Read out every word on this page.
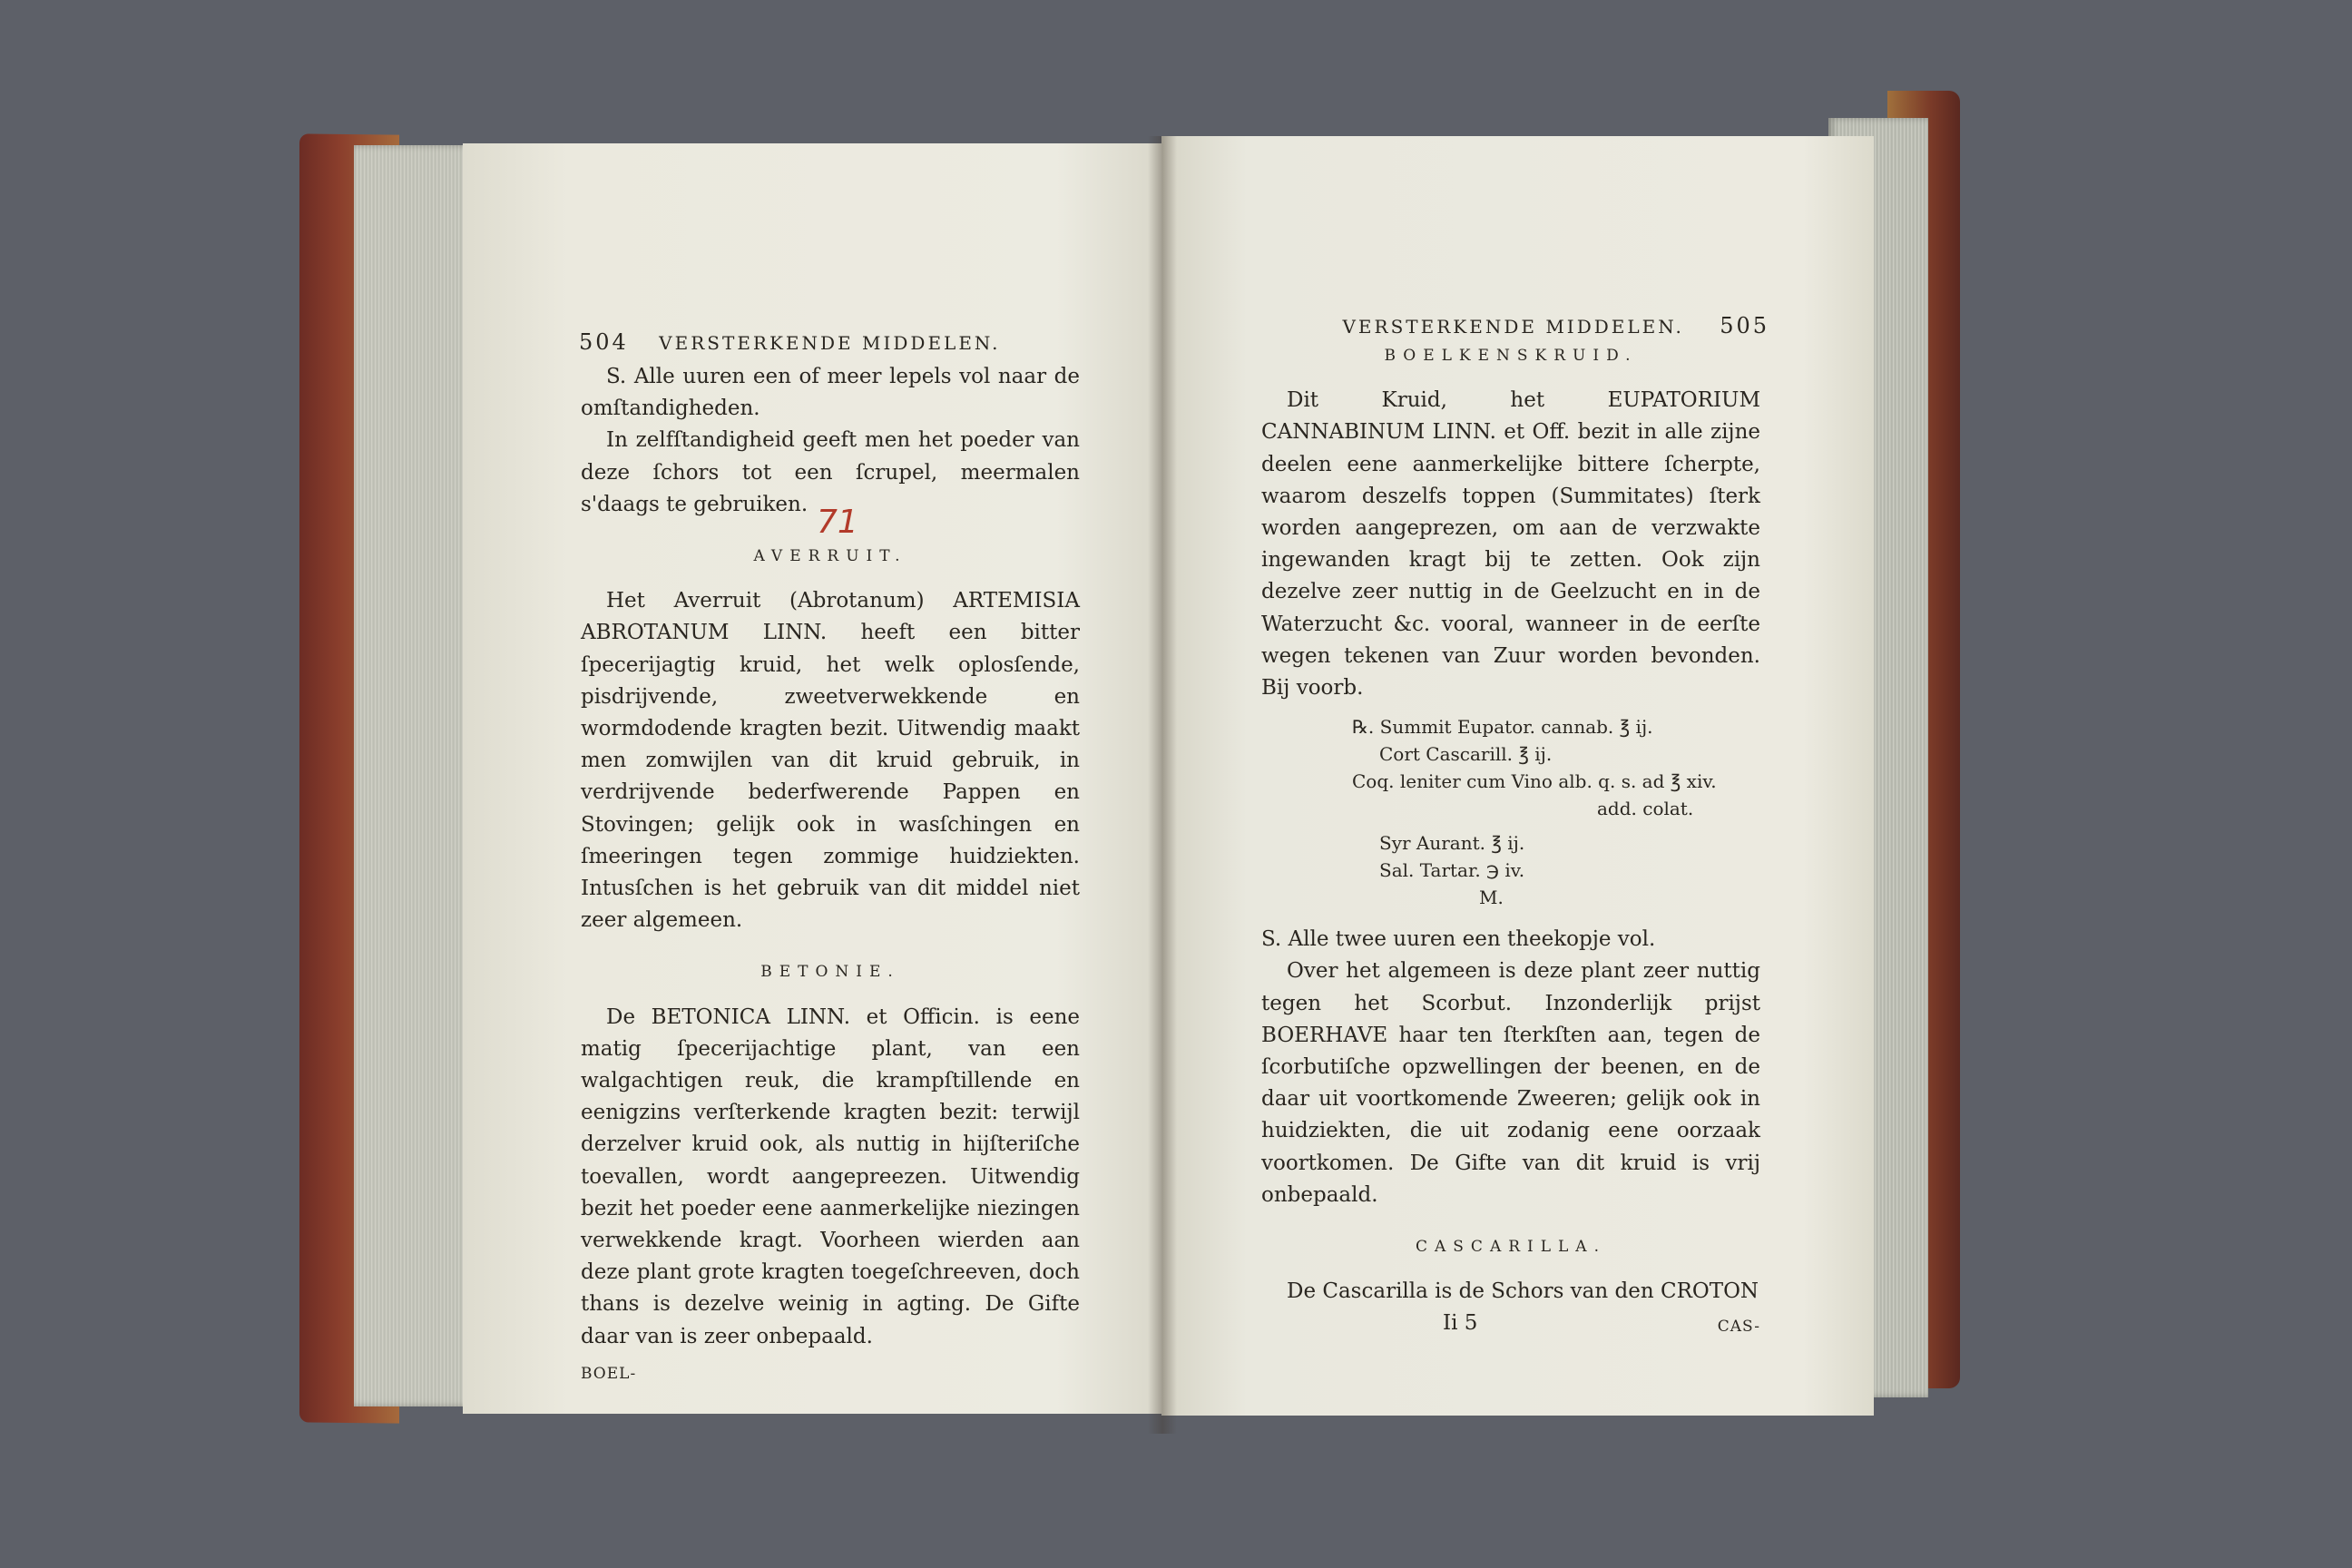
504 VERSTERKENDE MIDDELEN.

S. Alle uuren een of meer lepels vol naar de omſtandigheden.

In zelfſtandigheid geeft men het poeder van deze ſchors tot een ſcrupel, meermalen s'daags te gebruiken.

AVERRUIT.

Het Averruit (Abrotanum) ARTEMISIA ABROTANUM LINN. heeft een bitter ſpecerijagtig kruid, het welk oplosſende, pisdrijvende, zweetverwekkende en wormdodende kragten bezit. Uitwendig maakt men zomwijlen van dit kruid gebruik, in verdrijvende bederfwerende Pappen en Stovingen; gelijk ook in wasſchingen en ſmeeringen tegen zommige huidziekten. Intusſchen is het gebruik van dit middel niet zeer algemeen.

BETONIE.

De BETONICA LINN. et Officin. is eene matig ſpecerijachtige plant, van een walgachtigen reuk, die krampſtillende en eenigzins verſterkende kragten bezit: terwijl derzelver kruid ook, als nuttig in hijſteriſche toevallen, wordt aangepreezen. Uitwendig bezit het poeder eene aanmerkelijke niezingen verwekkende kragt. Voorheen wierden aan deze plant grote kragten toegeſchreeven, doch thans is dezelve weinig in agting. De Gifte daar van is zeer onbepaald.

BOEL-
71
VERSTERKENDE MIDDELEN. 505
BOELKENSKRUID.

Dit Kruid, het EUPATORIUM CANNABINUM LINN. et Off. bezit in alle zijne deelen eene aanmerkelijke bittere ſcherpte, waarom deszelfs toppen (Summitates) ſterk worden aangeprezen, om aan de verzwakte ingewanden kragt bij te zetten. Ook zijn dezelve zeer nuttig in de Geelzucht en in de Waterzucht &c. vooral, wanneer in de eerſte wegen tekenen van Zuur worden bevonden. Bij voorb.

℞. Summit Eupator. cannab. ℥ ij.
Cort Cascarill. ℥ ij.
Coq. leniter cum Vino alb. q. s. ad ℥ xiv.
add. colat.
Syr Aurant. ℥ ij.
Sal. Tartar. ℈ iv.
M.

S. Alle twee uuren een theekopje vol.

Over het algemeen is deze plant zeer nuttig tegen het Scorbut. Inzonderlijk prijst BOERHAVE haar ten ſterkſten aan, tegen de ſcorbutiſche opzwellingen der beenen, en de daar uit voortkomende Zweeren; gelijk ook in huidziekten, die uit zodanig eene oorzaak voortkomen. De Gifte van dit kruid is vrij onbepaald.

CASCARILLA.

De Cascarilla is de Schors van den CROTON

Ii 5	CAS-
